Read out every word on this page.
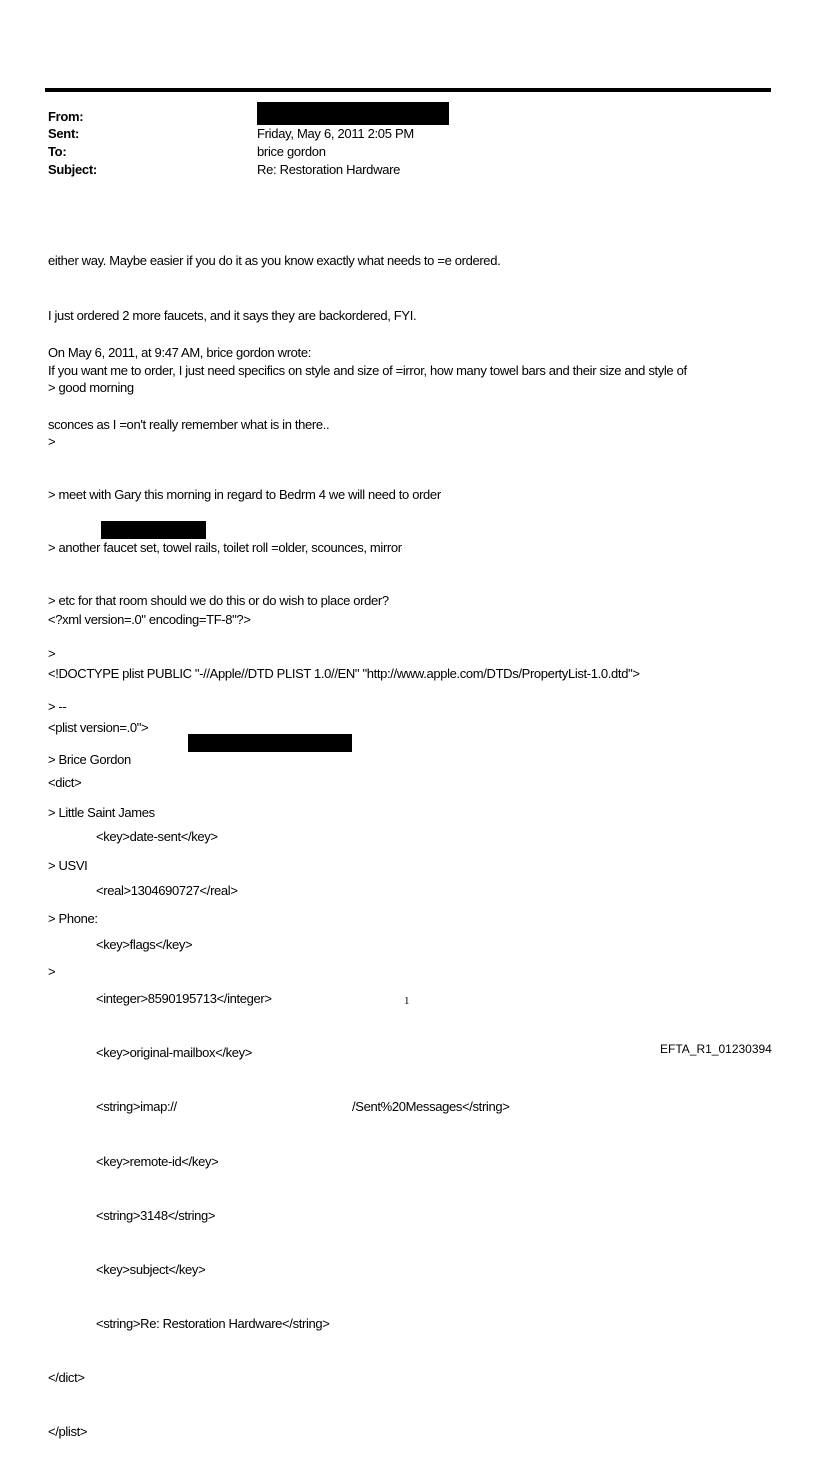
From:
Sent:	Friday, May 6, 2011 2:05 PM
To:	brice gordon
Subject:	Re: Restoration Hardware

either way. Maybe easier if you do it as you know exactly what needs to =e ordered.

I just ordered 2 more faucets, and it says they are backordered, FYI.

If you want me to order, I just need specifics on style and size of =irror, how many towel bars and their size and style of

sconces as I =on't really remember what is in there..

On May 6, 2011, at 9:47 AM, brice gordon wrote:

> good morning

>

> meet with Gary this morning in regard to Bedrm 4 we will need to order

> another faucet set, towel rails, toilet roll =older, scounces, mirror

> etc for that room should we do this or do wish to place order?

>

> --

> Brice Gordon

> Little Saint James

> USVI

> Phone:

>

<?xml version=.0" encoding=TF-8"?>

<!DOCTYPE plist PUBLIC "-//Apple//DTD PLIST 1.0//EN" "http://www.apple.com/DTDs/PropertyList-1.0.dtd">

<plist version=.0">

<dict>

<key>date-sent</key>

<real>1304690727</real>

<key>flags</key>

<integer>8590195713</integer>

<key>original-mailbox</key>

<string>imap://	/Sent%20Messages</string>

<key>remote-id</key>

<string>3148</string>

<key>subject</key>

<string>Re: Restoration Hardware</string>

</dict>

</plist>

1
EFTA_R1_01230394
